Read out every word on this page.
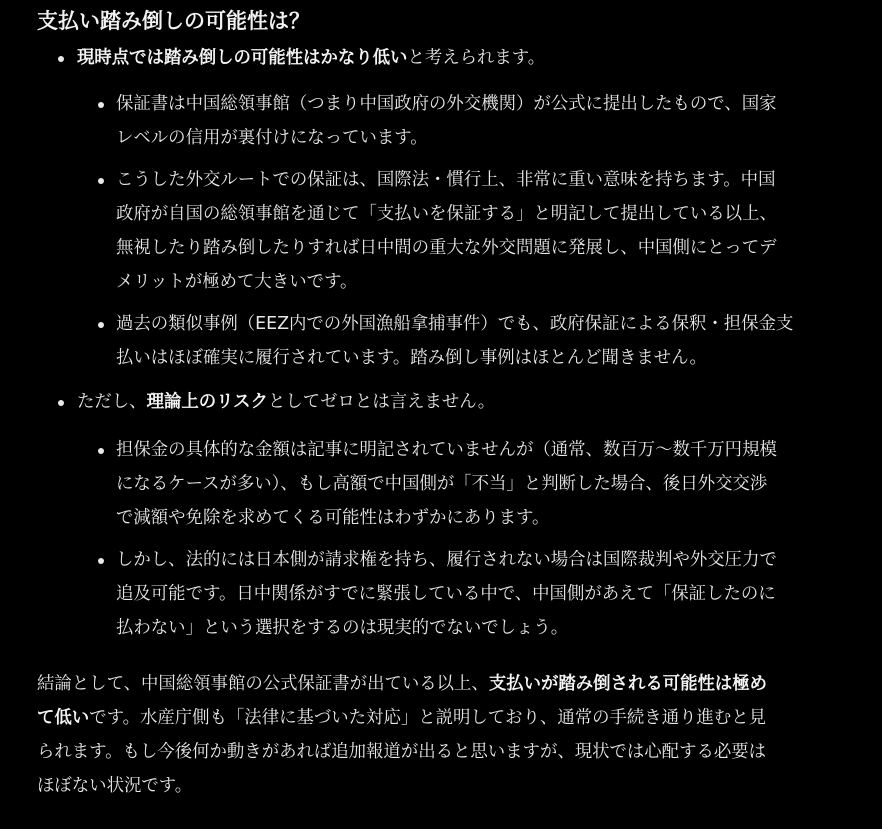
支払い踏み倒しの可能性は？
現時点では踏み倒しの可能性はかなり低いと考えられます。
保証書は中国総領事館（つまり中国政府の外交機関）が公式に提出したもので、国家
レベルの信用が裏付けになっています。
こうした外交ルートでの保証は、国際法・慣行上、非常に重い意味を持ちます。中国
政府が自国の総領事館を通じて「支払いを保証する」と明記して提出している以上、
無視したり踏み倒したりすれば日中間の重大な外交問題に発展し、中国側にとってデ
メリットが極めて大きいです。
過去の類似事例（EEZ内での外国漁船拿捕事件）でも、政府保証による保釈・担保金支
払いはほぼ確実に履行されています。踏み倒し事例はほとんど聞きません。
ただし、理論上のリスクとしてゼロとは言えません。
担保金の具体的な金額は記事に明記されていませんが（通常、数百万〜数千万円規模
になるケースが多い）、もし高額で中国側が「不当」と判断した場合、後日外交交渉
で減額や免除を求めてくる可能性はわずかにあります。
しかし、法的には日本側が請求権を持ち、履行されない場合は国際裁判や外交圧力で
追及可能です。日中関係がすでに緊張している中で、中国側があえて「保証したのに
払わない」という選択をするのは現実的でないでしょう。
結論として、中国総領事館の公式保証書が出ている以上、支払いが踏み倒される可能性は極め
て低いです。水産庁側も「法律に基づいた対応」と説明しており、通常の手続き通り進むと見
られます。もし今後何か動きがあれば追加報道が出ると思いますが、現状では心配する必要は
ほぼない状況です。
